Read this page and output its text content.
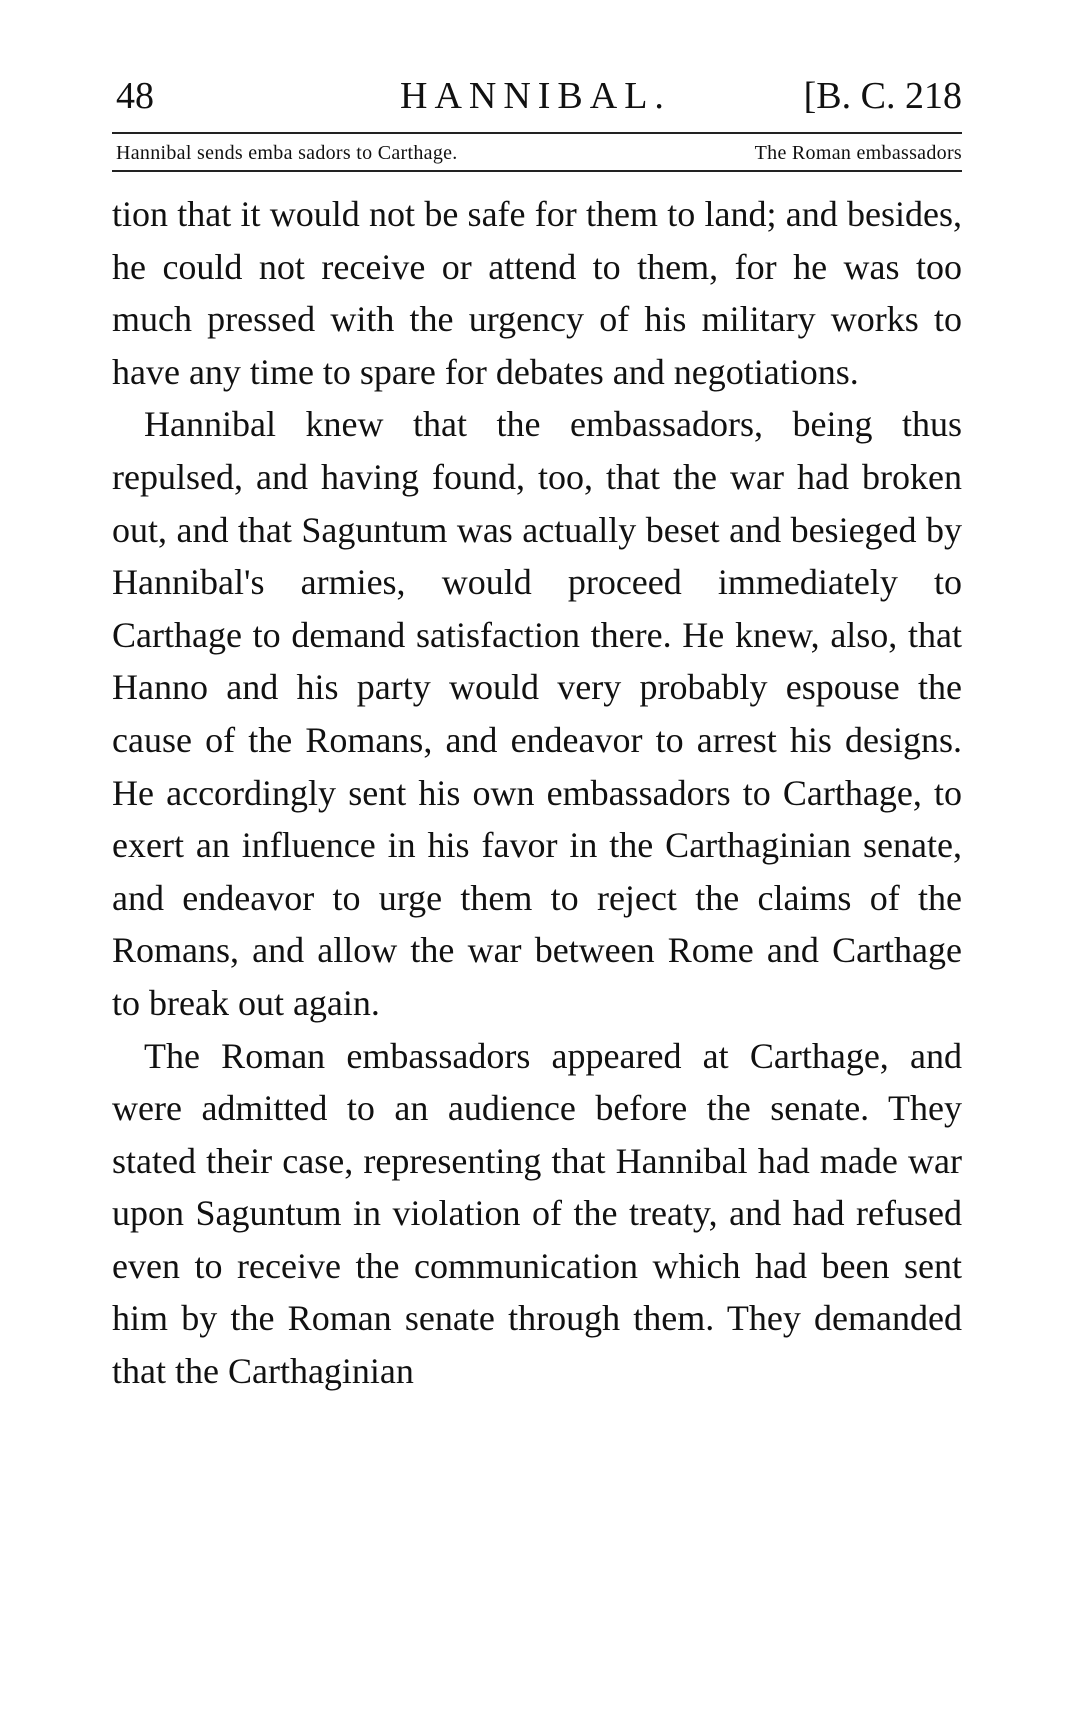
48	HANNIBAL.	[B. C. 218
Hannibal sends emba sadors to Carthage.	The Roman embassadors

tion that it would not be safe for them to land; and besides, he could not receive or attend to them, for he was too much pressed with the urgency of his military works to have any time to spare for debates and negotiations.

Hannibal knew that the embassadors, being thus repulsed, and having found, too, that the war had broken out, and that Saguntum was actually beset and besieged by Hannibal's armies, would proceed immediately to Carthage to demand satisfaction there. He knew, also, that Hanno and his party would very probably espouse the cause of the Romans, and endeavor to arrest his designs. He accordingly sent his own embassadors to Carthage, to exert an influence in his favor in the Carthaginian senate, and endeavor to urge them to reject the claims of the Romans, and allow the war between Rome and Carthage to break out again.

The Roman embassadors appeared at Carthage, and were admitted to an audience before the senate. They stated their case, representing that Hannibal had made war upon Saguntum in violation of the treaty, and had refused even to receive the communication which had been sent him by the Roman senate through them. They demanded that the Carthaginian
